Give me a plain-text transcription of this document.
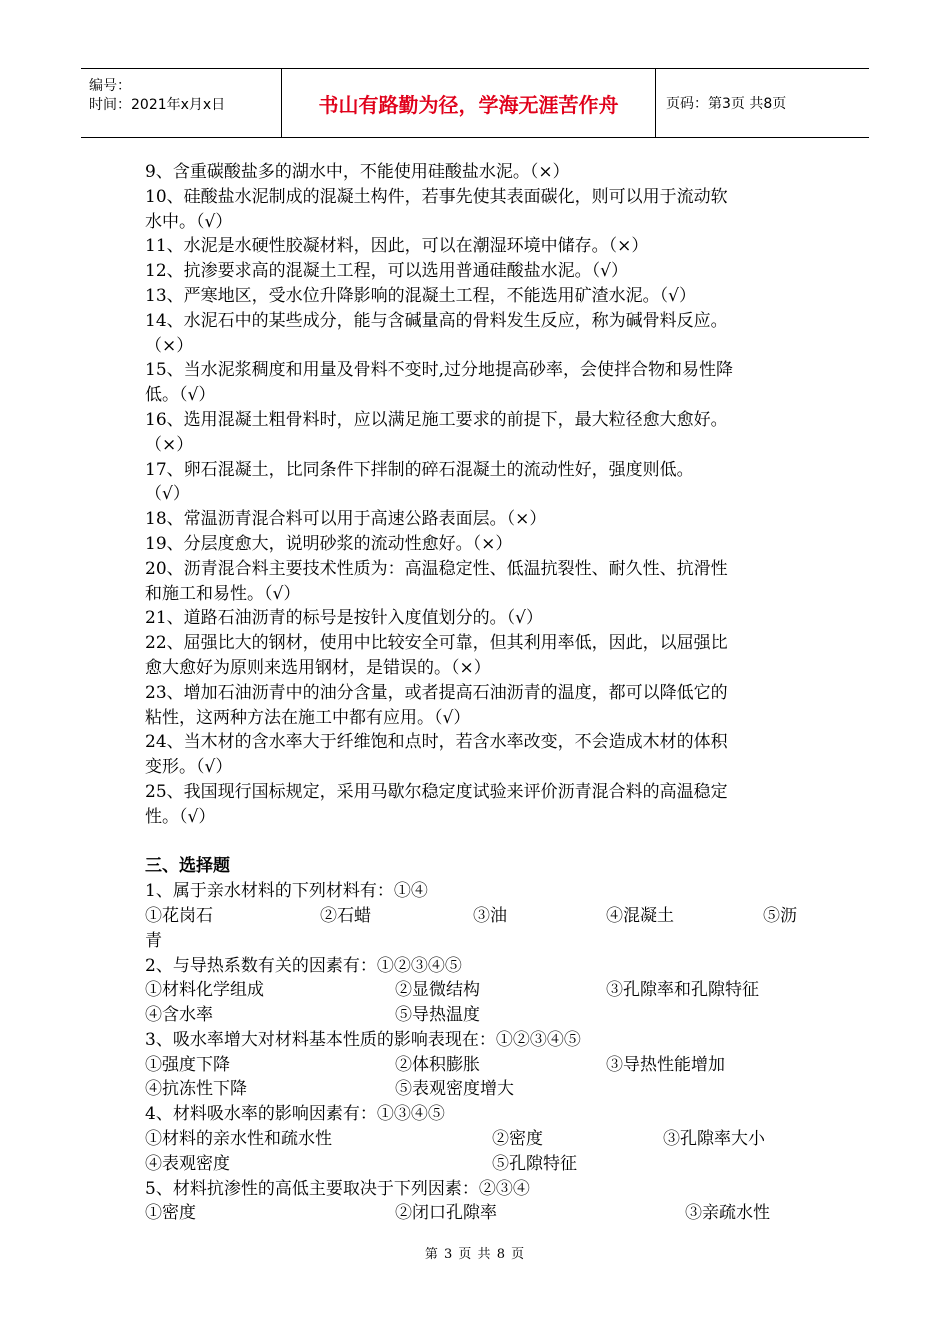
编号：
时间：2021年x月x日	书山有路勤为径，学海无涯苦作舟	页码：第3页 共8页
9、含重碳酸盐多的湖水中，不能使用硅酸盐水泥。（×）
10、硅酸盐水泥制成的混凝土构件，若事先使其表面碳化，则可以用于流动软
水中。（√）
11、水泥是水硬性胶凝材料，因此，可以在潮湿环境中储存。（×）
12、抗渗要求高的混凝土工程，可以选用普通硅酸盐水泥。（√）
13、严寒地区，受水位升降影响的混凝土工程，不能选用矿渣水泥。（√）
14、水泥石中的某些成分，能与含碱量高的骨料发生反应，称为碱骨料反应。
（×）
15、当水泥浆稠度和用量及骨料不变时,过分地提高砂率，会使拌合物和易性降
低。（√）
16、选用混凝土粗骨料时，应以满足施工要求的前提下，最大粒径愈大愈好。
（×）
17、卵石混凝土，比同条件下拌制的碎石混凝土的流动性好，强度则低。
（√）
18、常温沥青混合料可以用于高速公路表面层。（×）
19、分层度愈大，说明砂浆的流动性愈好。（×）
20、沥青混合料主要技术性质为：高温稳定性、低温抗裂性、耐久性、抗滑性
和施工和易性。（√）
21、道路石油沥青的标号是按针入度值划分的。（√）
22、屈强比大的钢材，使用中比较安全可靠，但其利用率低，因此，以屈强比
愈大愈好为原则来选用钢材，是错误的。（×）
23、增加石油沥青中的油分含量，或者提高石油沥青的温度，都可以降低它的
粘性，这两种方法在施工中都有应用。（√）
24、当木材的含水率大于纤维饱和点时，若含水率改变，不会造成木材的体积
变形。（√）
25、我国现行国标规定，采用马歇尔稳定度试验来评价沥青混合料的高温稳定
性。（√）
三、选择题
1、属于亲水材料的下列材料有：①④
①花岗石	②石蜡	③油	④混凝土	⑤沥
青
2、与导热系数有关的因素有：①②③④⑤
①材料化学组成	②显微结构	③孔隙率和孔隙特征
④含水率	⑤导热温度
3、吸水率增大对材料基本性质的影响表现在：①②③④⑤
①强度下降	②体积膨胀	③导热性能增加
④抗冻性下降	⑤表观密度增大
4、材料吸水率的影响因素有：①③④⑤
①材料的亲水性和疏水性	②密度	③孔隙率大小
④表观密度	⑤孔隙特征
5、材料抗渗性的高低主要取决于下列因素：②③④
①密度	②闭口孔隙率	③亲疏水性
第 3 页 共 8 页
